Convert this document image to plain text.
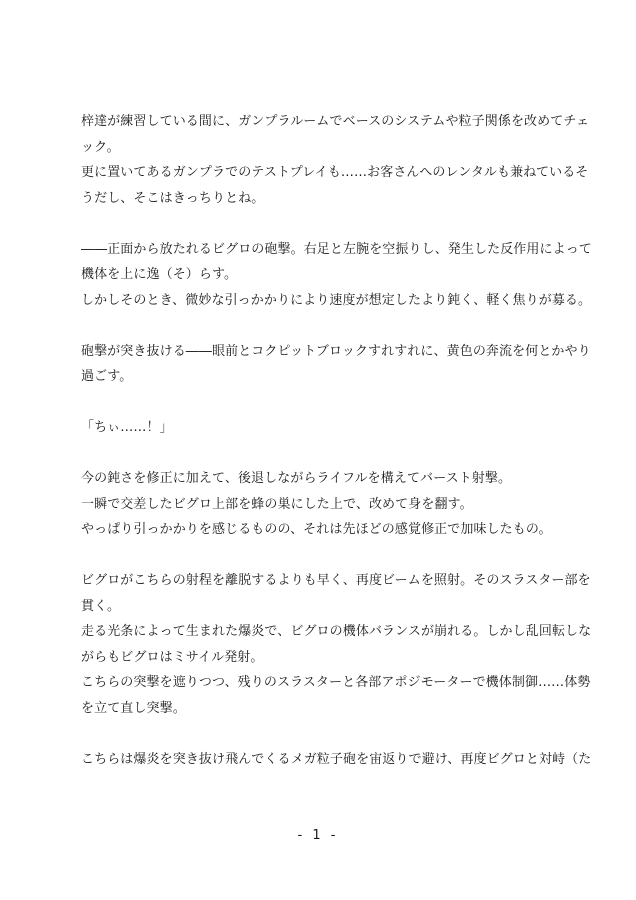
梓達が練習している間に、ガンプラルームでベースのシステムや粒子関係を改めてチェ
ック。
更に置いてあるガンプラでのテストプレイも……お客さんへのレンタルも兼ねているそ
うだし、そこはきっちりとね。
――正面から放たれるビグロの砲撃。右足と左腕を空振りし、発生した反作用によって
機体を上に逸（そ）らす。
しかしそのとき、微妙な引っかかりにより速度が想定したより鈍く、軽く焦りが募る。
砲撃が突き抜ける――眼前とコクピットブロックすれすれに、黄色の奔流を何とかやり
過ごす。
「ちぃ……！」
今の鈍さを修正に加えて、後退しながらライフルを構えてバースト射撃。
一瞬で交差したビグロ上部を蜂の巣にした上で、改めて身を翻す。
やっぱり引っかかりを感じるものの、それは先ほどの感覚修正で加味したもの。
ビグロがこちらの射程を離脱するよりも早く、再度ビームを照射。そのスラスター部を
貫く。
走る光条によって生まれた爆炎で、ビグロの機体バランスが崩れる。しかし乱回転しな
がらもビグロはミサイル発射。
こちらの突撃を遮りつつ、残りのスラスターと各部アポジモーターで機体制御……体勢
を立て直し突撃。
こちらは爆炎を突き抜け飛んでくるメガ粒子砲を宙返りで避け、再度ビグロと対峙（た
- 1 -
